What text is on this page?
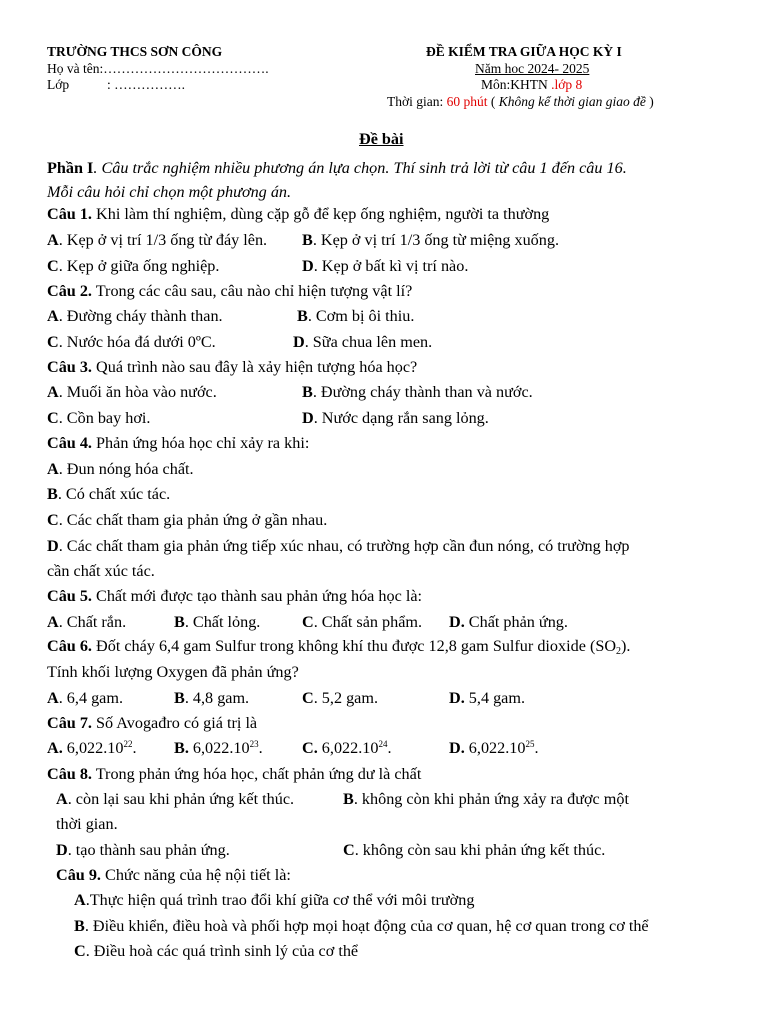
TRƯỜNG THCS SƠN CÔNG
Họ và tên:……………………………….
Lớp	: …………….
ĐỀ KIỂM TRA GIỮA HỌC KỲ I
Năm hoc 2024- 2025
Môn:KHTN .lớp 8
Thời gian: 60 phút ( Không kể thời gian giao đề )
Đề bài
Phần I. Câu trắc nghiệm nhiều phương án lựa chọn. Thí sinh trả lời từ câu 1 đến câu 16.
Mỗi câu hỏi chỉ chọn một phương án.
Câu 1. Khi làm thí nghiệm, dùng cặp gỗ để kẹp ống nghiệm, người ta thường
A. Kẹp ở vị trí 1/3 ống từ đáy lên. B. Kẹp ở vị trí 1/3 ống từ miệng xuống.
C. Kẹp ở giữa ống nghiệp.	D. Kẹp ở bất kì vị trí nào.
Câu 2. Trong các câu sau, câu nào chỉ hiện tượng vật lí?
A. Đường cháy thành than.	B. Cơm bị ôi thiu.
C. Nước hóa đá dưới 0ºC.	D. Sữa chua lên men.
Câu 3. Quá trình nào sau đây là xảy hiện tượng hóa học?
A. Muối ăn hòa vào nước.	B. Đường cháy thành than và nước.
C. Cồn bay hơi.	D. Nước dạng rắn sang lỏng.
Câu 4. Phản ứng hóa học chỉ xảy ra khi:
A. Đun nóng hóa chất.
B. Có chất xúc tác.
C. Các chất tham gia phản ứng ở gần nhau.
D. Các chất tham gia phản ứng tiếp xúc nhau, có trường hợp cần đun nóng, có trường hợp
cần chất xúc tác.
Câu 5. Chất mới được tạo thành sau phản ứng hóa học là:
A. Chất rắn.	B. Chất lỏng.	C. Chất sản phẩm. D. Chất phản ứng.
Câu 6. Đốt cháy 6,4 gam Sulfur trong không khí thu được 12,8 gam Sulfur dioxide $(SO_2)$.
Tính khối lượng Oxygen đã phản ứng?
A. 6,4 gam.	B. 4,8 gam.	C. 5,2 gam.	D. 5,4 gam.
Câu 7. Số Avogađro có giá trị là
A. 6,022.10$^{22}$. B. 6,022.10$^{23}$. C. 6,022.10$^{24}$.	D. 6,022.10$^{25}$.
Câu 8. Trong phản ứng hóa học, chất phản ứng dư là chất
A. còn lại sau khi phản ứng kết thúc.	B. không còn khi phản ứng xảy ra được một
thời gian.
D. tạo thành sau phản ứng.	C. không còn sau khi phản ứng kết thúc.
Câu 9. Chức năng của hệ nội tiết là:
A.Thực hiện quá trình trao đổi khí giữa cơ thể với môi trường
B. Điều khiển, điều hoà và phối hợp mọi hoạt động của cơ quan, hệ cơ quan trong cơ thể
C. Điều hoà các quá trình sinh lý của cơ thể
